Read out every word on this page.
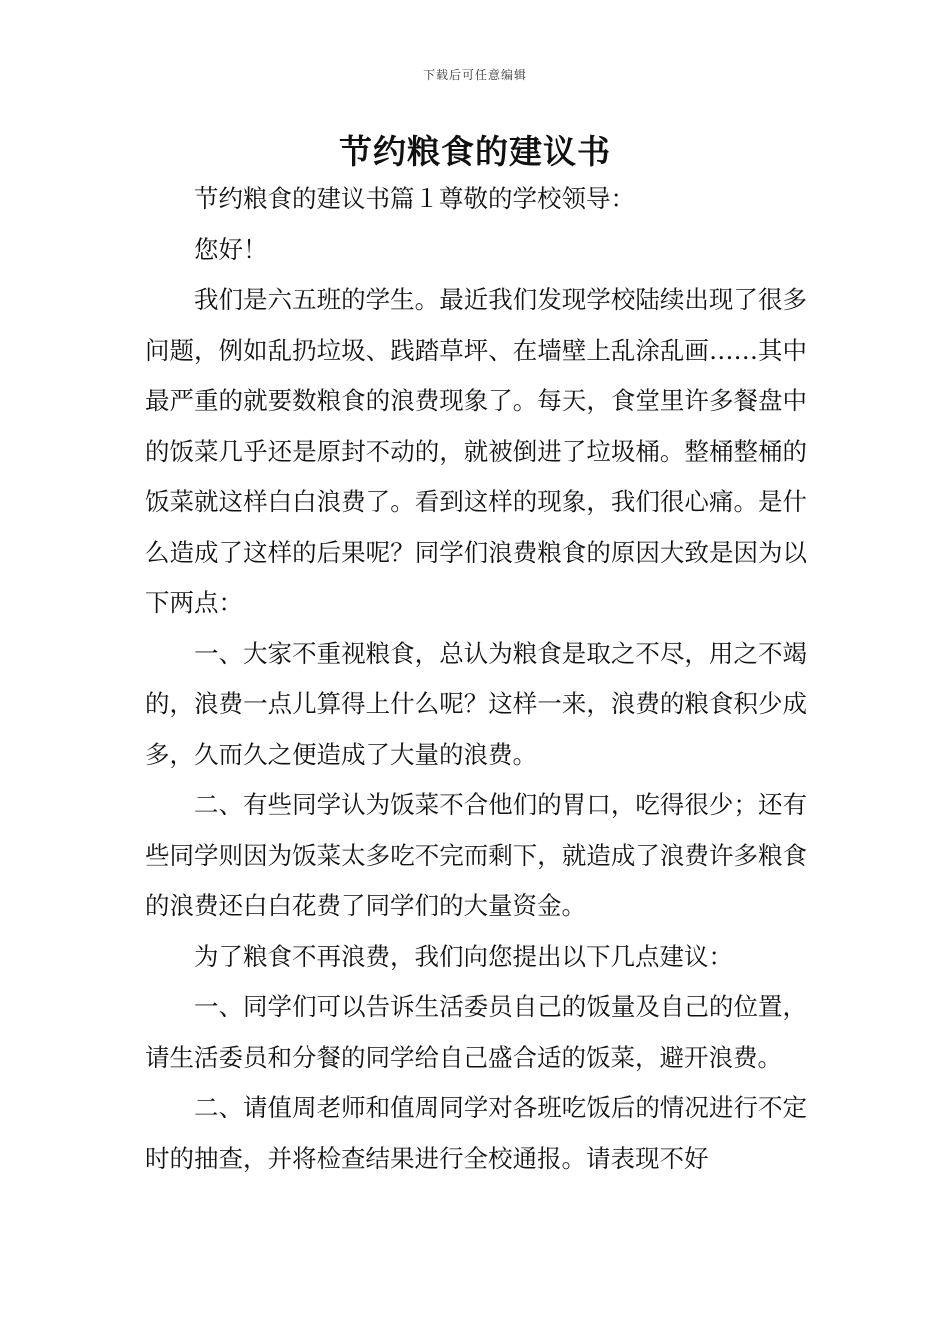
下载后可任意编辑
节约粮食的建议书

节约粮食的建议书篇１尊敬的学校领导：

您好！

我们是六五班的学生。最近我们发现学校陆续出现了很多问题，例如乱扔垃圾、践踏草坪、在墙壁上乱涂乱画……其中最严重的就要数粮食的浪费现象了。每天，食堂里许多餐盘中的饭菜几乎还是原封不动的，就被倒进了垃圾桶。整桶整桶的饭菜就这样白白浪费了。看到这样的现象，我们很心痛。是什么造成了这样的后果呢？同学们浪费粮食的原因大致是因为以下两点：

一、大家不重视粮食，总认为粮食是取之不尽，用之不竭的，浪费一点儿算得上什么呢？这样一来，浪费的粮食积少成多，久而久之便造成了大量的浪费。

二、有些同学认为饭菜不合他们的胃口，吃得很少；还有些同学则因为饭菜太多吃不完而剩下，就造成了浪费许多粮食的浪费还白白花费了同学们的大量资金。

为了粮食不再浪费，我们向您提出以下几点建议：

一、同学们可以告诉生活委员自己的饭量及自己的位置，请生活委员和分餐的同学给自己盛合适的饭菜，避开浪费。

二、请值周老师和值周同学对各班吃饭后的情况进行不定时的抽查，并将检查结果进行全校通报。请表现不好
